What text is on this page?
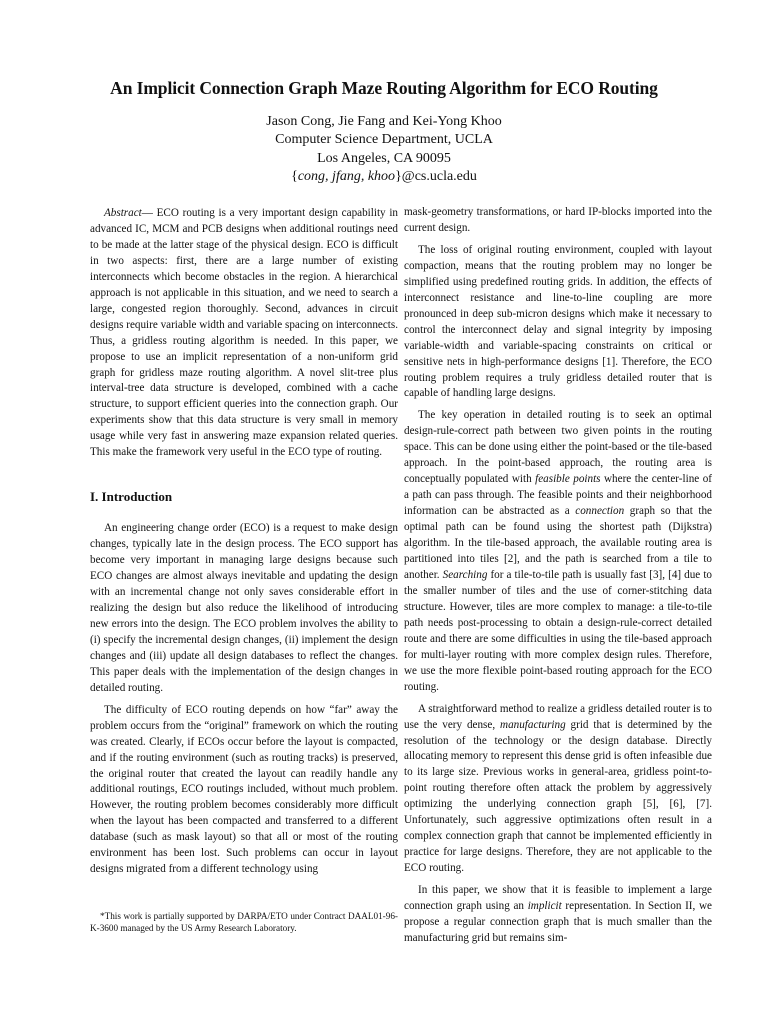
An Implicit Connection Graph Maze Routing Algorithm for ECO Routing
Jason Cong, Jie Fang and Kei-Yong Khoo
Computer Science Department, UCLA
Los Angeles, CA 90095
{cong, jfang, khoo}@cs.ucla.edu

Abstract— ECO routing is a very important design capability in advanced IC, MCM and PCB designs when additional routings need to be made at the latter stage of the physical design. ECO is difficult in two aspects: first, there are a large number of existing interconnects which become obstacles in the region. A hierarchical approach is not applicable in this situation, and we need to search a large, congested region thoroughly. Second, advances in circuit designs require variable width and variable spacing on interconnects. Thus, a gridless routing algorithm is needed. In this paper, we propose to use an implicit representation of a non-uniform grid graph for gridless maze routing algorithm. A novel slit-tree plus interval-tree data structure is developed, combined with a cache structure, to support efficient queries into the connection graph. Our experiments show that this data structure is very small in memory usage while very fast in answering maze expansion related queries. This make the framework very useful in the ECO type of routing.

I. Introduction

An engineering change order (ECO) is a request to make design changes, typically late in the design process. The ECO support has become very important in managing large designs because such ECO changes are almost always inevitable and updating the design with an incremental change not only saves considerable effort in realizing the design but also reduce the likelihood of introducing new errors into the design. The ECO problem involves the ability to (i) specify the incremental design changes, (ii) implement the design changes and (iii) update all design databases to reflect the changes. This paper deals with the implementation of the design changes in detailed routing.

The difficulty of ECO routing depends on how “far” away the problem occurs from the “original” framework on which the routing was created. Clearly, if ECOs occur before the layout is compacted, and if the routing environment (such as routing tracks) is preserved, the original router that created the layout can readily handle any additional routings, ECO routings included, without much problem. However, the routing problem becomes considerably more difficult when the layout has been compacted and transferred to a different database (such as mask layout) so that all or most of the routing environment has been lost. Such problems can occur in layout designs migrated from a different technology using

mask-geometry transformations, or hard IP-blocks imported into the current design.

The loss of original routing environment, coupled with layout compaction, means that the routing problem may no longer be simplified using predefined routing grids. In addition, the effects of interconnect resistance and line-to-line coupling are more pronounced in deep sub-micron designs which make it necessary to control the interconnect delay and signal integrity by imposing variable-width and variable-spacing constraints on critical or sensitive nets in high-performance designs [1]. Therefore, the ECO routing problem requires a truly gridless detailed router that is capable of handling large designs.

The key operation in detailed routing is to seek an optimal design-rule-correct path between two given points in the routing space. This can be done using either the point-based or the tile-based approach. In the point-based approach, the routing area is conceptually populated with feasible points where the center-line of a path can pass through. The feasible points and their neighborhood information can be abstracted as a connection graph so that the optimal path can be found using the shortest path (Dijkstra) algorithm. In the tile-based approach, the available routing area is partitioned into tiles [2], and the path is searched from a tile to another. Searching for a tile-to-tile path is usually fast [3], [4] due to the smaller number of tiles and the use of corner-stitching data structure. However, tiles are more complex to manage: a tile-to-tile path needs post-processing to obtain a design-rule-correct detailed route and there are some difficulties in using the tile-based approach for multi-layer routing with more complex design rules. Therefore, we use the more flexible point-based routing approach for the ECO routing.

A straightforward method to realize a gridless detailed router is to use the very dense, manufacturing grid that is determined by the resolution of the technology or the design database. Directly allocating memory to represent this dense grid is often infeasible due to its large size. Previous works in general-area, gridless point-to-point routing therefore often attack the problem by aggressively optimizing the underlying connection graph [5], [6], [7]. Unfortunately, such aggressive optimizations often result in a complex connection graph that cannot be implemented efficiently in practice for large designs. Therefore, they are not applicable to the ECO routing.

In this paper, we show that it is feasible to implement a large connection graph using an implicit representation. In Section II, we propose a regular connection graph that is much smaller than the manufacturing grid but remains sim-

*This work is partially supported by DARPA/ETO under Contract DAAL01-96-K-3600 managed by the US Army Research Laboratory.
